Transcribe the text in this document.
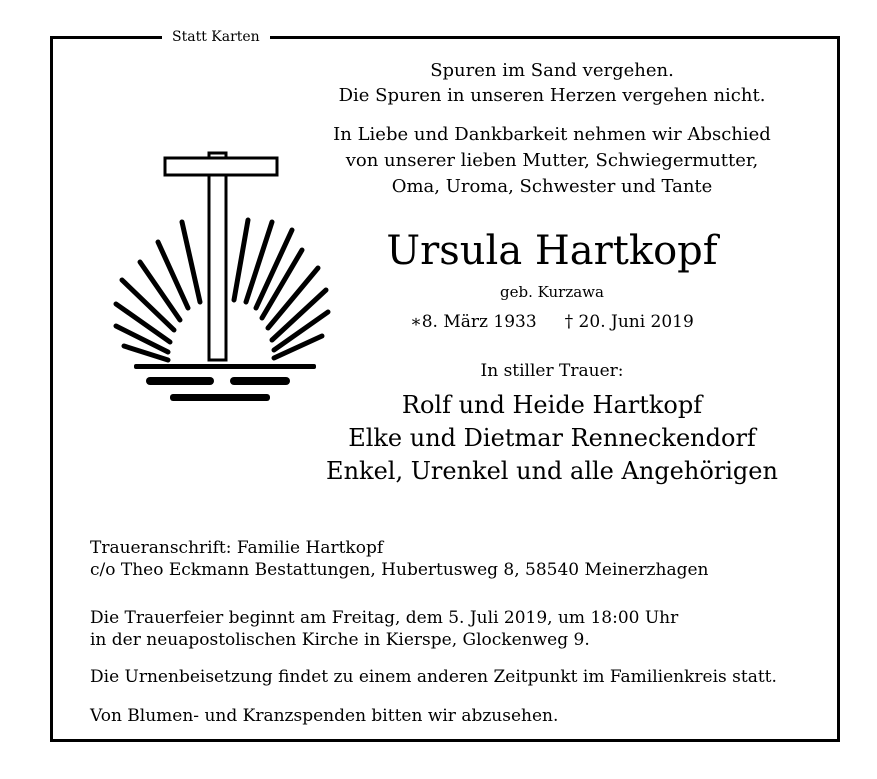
Statt Karten
Spuren im Sand vergehen.
Die Spuren in unseren Herzen vergehen nicht.
In Liebe und Dankbarkeit nehmen wir Abschied
von unserer lieben Mutter, Schwiegermutter,
Oma, Uroma, Schwester und Tante
Ursula Hartkopf
geb. Kurzawa
∗8. März 1933 † 20. Juni 2019
In stiller Trauer:
Rolf und Heide Hartkopf
Elke und Dietmar Renneckendorf
Enkel, Urenkel und alle Angehörigen
Traueranschrift: Familie Hartkopf
c/o Theo Eckmann Bestattungen, Hubertusweg 8, 58540 Meinerzhagen
Die Trauerfeier beginnt am Freitag, dem 5. Juli 2019, um 18:00 Uhr
in der neuapostolischen Kirche in Kierspe, Glockenweg 9.
Die Urnenbeisetzung findet zu einem anderen Zeitpunkt im Familienkreis statt.
Von Blumen- und Kranzspenden bitten wir abzusehen.
